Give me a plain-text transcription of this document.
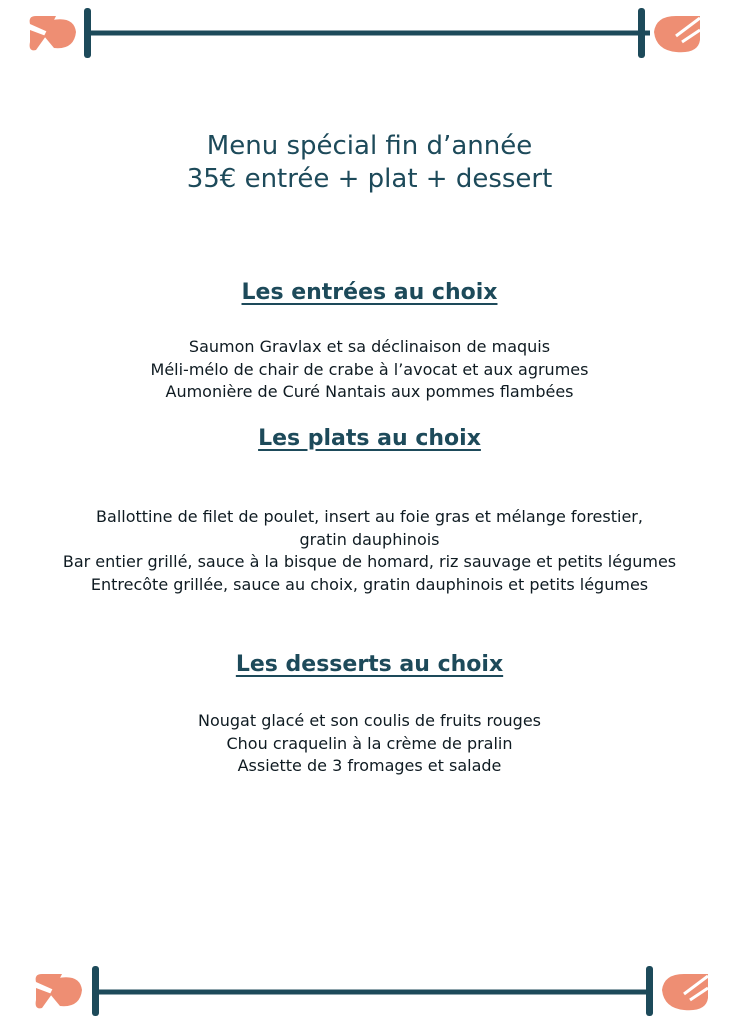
Menu spécial fin d’année
35€ entrée + plat + dessert
Les entrées au choix
Saumon Gravlax et sa déclinaison de maquis
Méli-mélo de chair de crabe à l’avocat et aux agrumes
Aumonière de Curé Nantais aux pommes flambées
Les plats au choix
Ballottine de filet de poulet, insert au foie gras et mélange forestier,
gratin dauphinois
Bar entier grillé, sauce à la bisque de homard, riz sauvage et petits légumes
Entrecôte grillée, sauce au choix, gratin dauphinois et petits légumes
Les desserts au choix
Nougat glacé et son coulis de fruits rouges
Chou craquelin à la crème de pralin
Assiette de 3 fromages et salade
